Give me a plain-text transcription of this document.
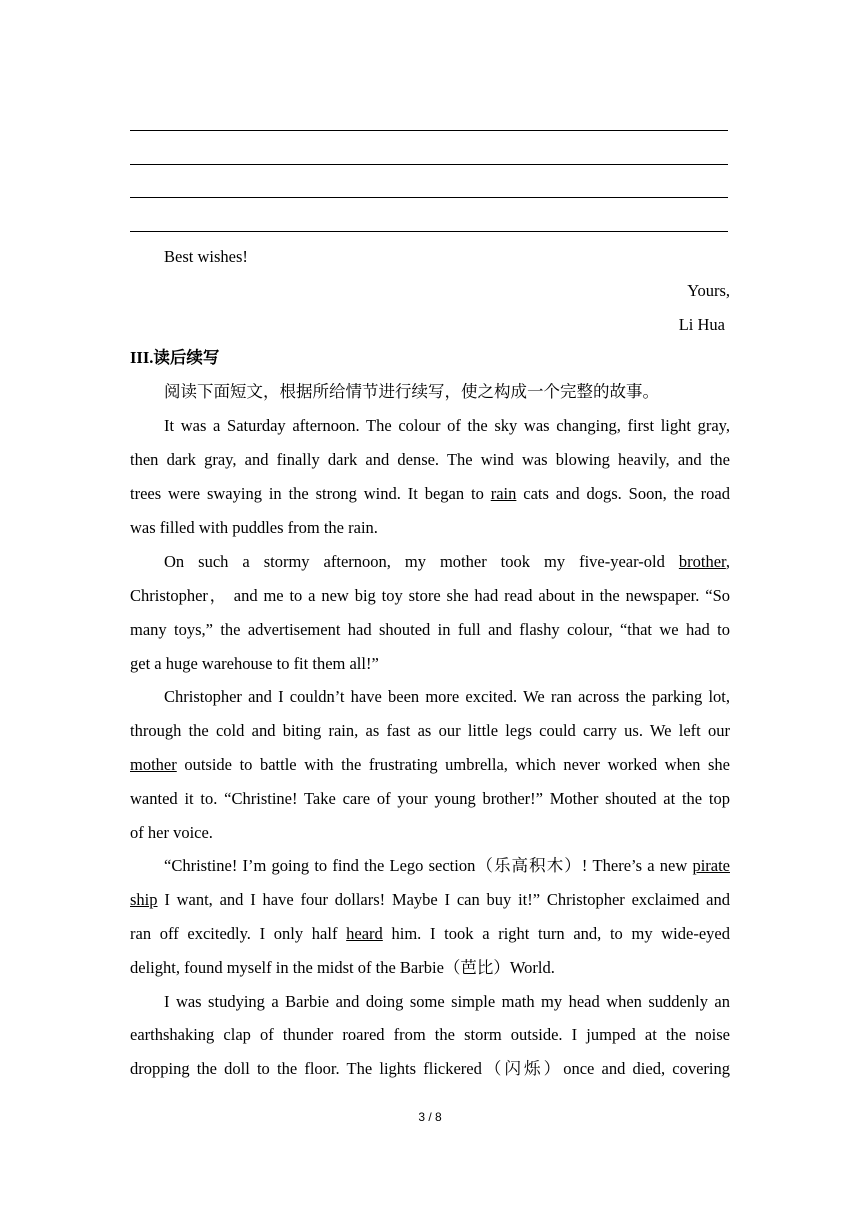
Best wishes!
Yours,
Li Hua
III.读后续写
阅读下面短文，根据所给情节进行续写，使之构成一个完整的故事。
It was a Saturday afternoon. The colour of the sky was changing, first light gray,
then dark gray, and finally dark and dense. The wind was blowing heavily, and the
trees were swaying in the strong wind. It began to rain cats and dogs. Soon, the road
was filled with puddles from the rain.
On such a stormy afternoon, my mother took my five-year-old brother,
Christopher， and me to a new big toy store she had read about in the newspaper. “So
many toys,” the advertisement had shouted in full and flashy colour, “that we had to
get a huge warehouse to fit them all!”
Christopher and I couldn’t have been more excited. We ran across the parking lot,
through the cold and biting rain, as fast as our little legs could carry us. We left our
mother outside to battle with the frustrating umbrella, which never worked when she
wanted it to. “Christine! Take care of your young brother!” Mother shouted at the top
of her voice.
“Christine! I’m going to find the Lego section（乐高积木）! There’s a new pirate
ship I want, and I have four dollars! Maybe I can buy it!” Christopher exclaimed and
ran off excitedly. I only half heard him. I took a right turn and, to my wide-eyed
delight, found myself in the midst of the Barbie（芭比）World.
I was studying a Barbie and doing some simple math my head when suddenly an
earthshaking clap of thunder roared from the storm outside. I jumped at the noise
dropping the doll to the floor. The lights flickered（闪烁）once and died, covering
3 / 8
